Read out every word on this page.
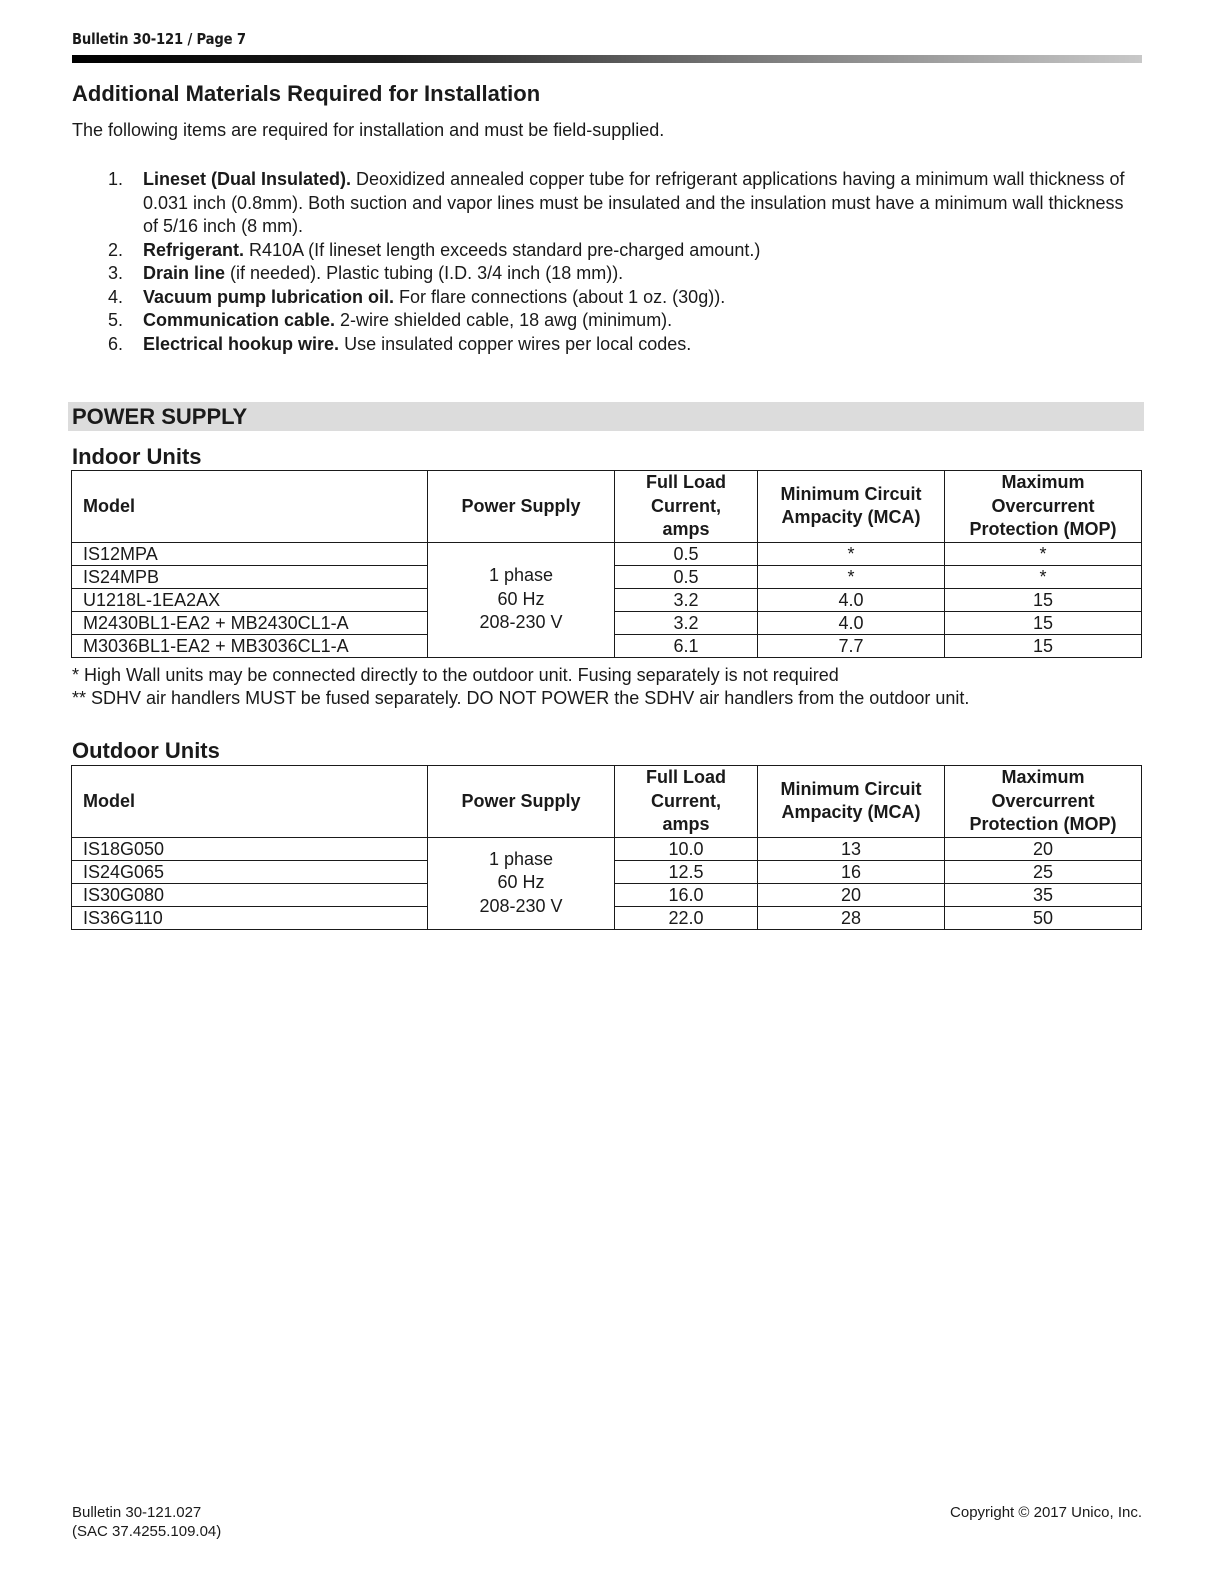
Bulletin 30-121 / Page 7
Additional Materials Required for Installation
The following items are required for installation and must be field-supplied.
1. Lineset (Dual Insulated). Deoxidized annealed copper tube for refrigerant applications having a minimum wall thickness of 0.031 inch (0.8mm). Both suction and vapor lines must be insulated and the insulation must have a minimum wall thickness of 5/16 inch (8 mm).
2. Refrigerant. R410A (If lineset length exceeds standard pre-charged amount.)
3. Drain line (if needed). Plastic tubing (I.D. 3/4 inch (18 mm)).
4. Vacuum pump lubrication oil. For flare connections (about 1 oz. (30g)).
5. Communication cable. 2-wire shielded cable, 18 awg (minimum).
6. Electrical hookup wire. Use insulated copper wires per local codes.
POWER SUPPLY
Indoor Units
Model	Power Supply	Full Load
Current,
amps	Minimum Circuit
Ampacity (MCA)	Maximum
Overcurrent
Protection (MOP)
IS12MPA	1 phase
60 Hz
208-230 V	0.5	*	*
IS24MPB		0.5	*	*
U1218L-1EA2AX		3.2	4.0	15
M2430BL1-EA2 + MB2430CL1-A		3.2	4.0	15
M3036BL1-EA2 + MB3036CL1-A		6.1	7.7	15
* High Wall units may be connected directly to the outdoor unit. Fusing separately is not required
** SDHV air handlers MUST be fused separately. DO NOT POWER the SDHV air handlers from the outdoor unit.
Outdoor Units
Model	Power Supply	Full Load
Current,
amps	Minimum Circuit
Ampacity (MCA)	Maximum
Overcurrent
Protection (MOP)
IS18G050	1 phase
60 Hz
208-230 V	10.0	13	20
IS24G065		12.5	16	25
IS30G080		16.0	20	35
IS36G110		22.0	28	50
Bulletin 30-121.027
(SAC 37.4255.109.04)
Copyright © 2017 Unico, Inc.
